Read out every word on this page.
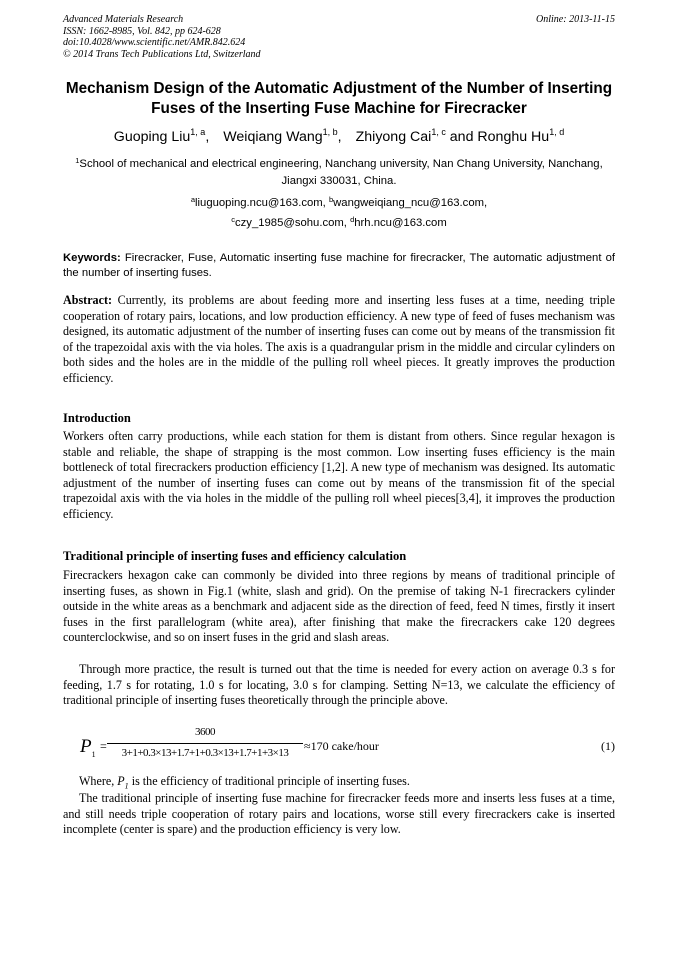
Advanced Materials Research
ISSN: 1662-8985, Vol. 842, pp 624-628
doi:10.4028/www.scientific.net/AMR.842.624
© 2014 Trans Tech Publications Ltd, Switzerland
Online: 2013-11-15
Mechanism Design of the Automatic Adjustment of the Number of Inserting Fuses of the Inserting Fuse Machine for Firecracker
Guoping Liu$^{1, a}$, Weiqiang Wang$^{1, b}$, Zhiyong Cai$^{1, c}$ and Ronghu Hu$^{1, d}$
$^1$School of mechanical and electrical engineering, Nanchang university, Nan Chang University, Nanchang, Jiangxi 330031, China.
$^a$liuguoping.ncu@163.com, $^b$wangweiqiang_ncu@163.com,
$^c$czy_1985@sohu.com, $^d$hrh.ncu@163.com
Keywords: Firecracker, Fuse, Automatic inserting fuse machine for firecracker, The automatic adjustment of the number of inserting fuses.
Abstract: Currently, its problems are about feeding more and inserting less fuses at a time, needing triple cooperation of rotary pairs, locations, and low production efficiency. A new type of feed of fuses mechanism was designed, its automatic adjustment of the number of inserting fuses can come out by means of the transmission fit of the trapezoidal axis with the via holes. The axis is a quadrangular prism in the middle and circular cylinders on both sides and the holes are in the middle of the pulling roll wheel pieces. It greatly improves the production efficiency.
Introduction
Workers often carry productions, while each station for them is distant from others. Since regular hexagon is stable and reliable, the shape of strapping is the most common. Low inserting fuses efficiency is the main bottleneck of total firecrackers production efficiency [1,2]. A new type of mechanism was designed. Its automatic adjustment of the number of inserting fuses can come out by means of the transmission fit of the special trapezoidal axis with the via holes in the middle of the pulling roll wheel pieces[3,4], it improves the production efficiency.
Traditional principle of inserting fuses and efficiency calculation
Firecrackers hexagon cake can commonly be divided into three regions by means of traditional principle of inserting fuses, as shown in Fig.1 (white, slash and grid). On the premise of taking N-1 firecrackers cylinder outside in the white areas as a benchmark and adjacent side as the direction of feed, feed N times, firstly it insert fuses in the first parallelogram (white area), after finishing that make the firecrackers cake 120 degrees counterclockwise, and so on insert fuses in the grid and slash areas.
Through more practice, the result is turned out that the time is needed for every action on average 0.3 s for feeding, 1.7 s for rotating, 1.0 s for locating, 3.0 s for clamping. Setting N=13, we calculate the efficiency of traditional principle of inserting fuses theoretically through the principle above.
$P_1$
=
3600
3+1+0.3×13+1.7+1+0.3×13+1.7+1+3×13	≈170 cake/hour	(1)
Where, $P_1$ is the efficiency of traditional principle of inserting fuses.
The traditional principle of inserting fuse machine for firecracker feeds more and inserts less fuses at a time, and still needs triple cooperation of rotary pairs and locations, worse still every firecrackers cake is inserted incomplete (center is spare) and the production efficiency is very low.
